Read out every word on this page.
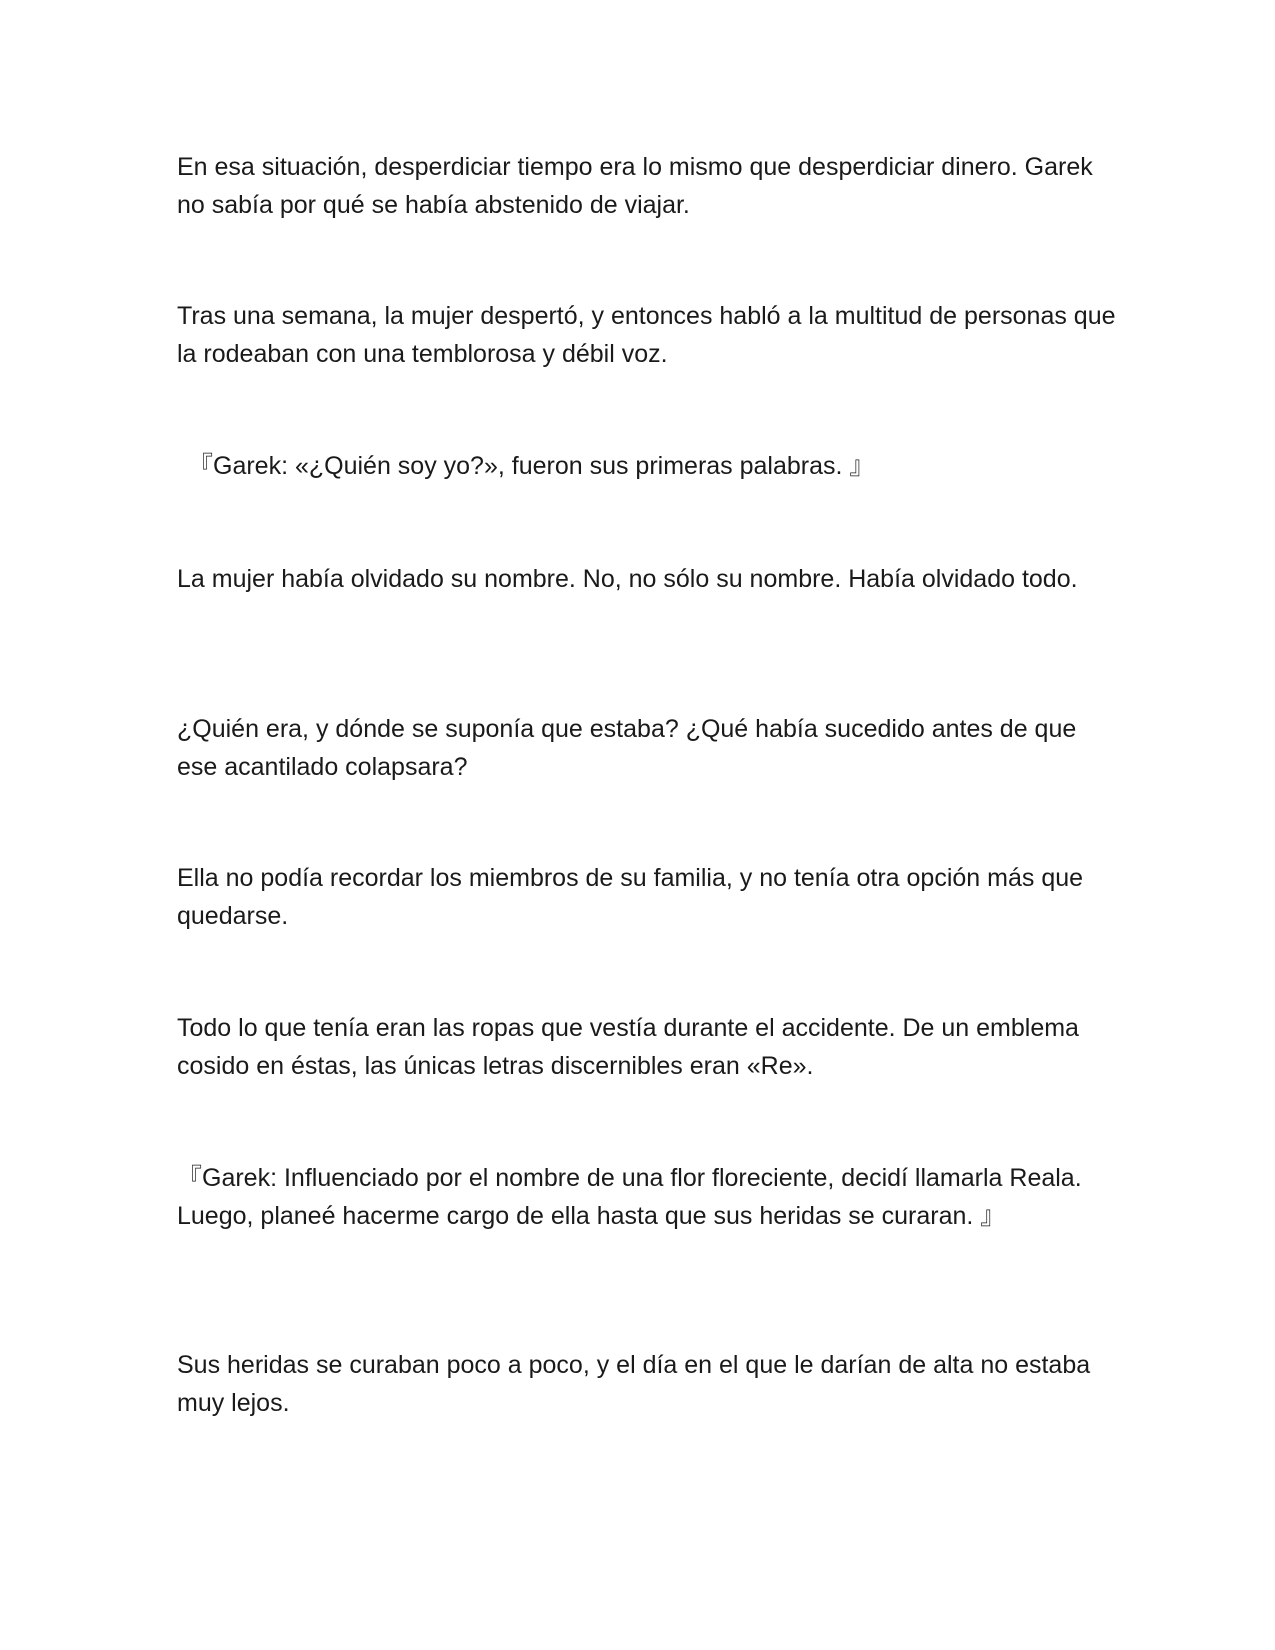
En esa situación, desperdiciar tiempo era lo mismo que desperdiciar dinero. Garek no sabía por qué se había abstenido de viajar.

Tras una semana, la mujer despertó, y entonces habló a la multitud de personas que la rodeaban con una temblorosa y débil voz.

『Garek: «¿Quién soy yo?», fueron sus primeras palabras. 』

La mujer había olvidado su nombre. No, no sólo su nombre. Había olvidado todo.

¿Quién era, y dónde se suponía que estaba? ¿Qué había sucedido antes de que ese acantilado colapsara?

Ella no podía recordar los miembros de su familia, y no tenía otra opción más que quedarse.

Todo lo que tenía eran las ropas que vestía durante el accidente. De un emblema cosido en éstas, las únicas letras discernibles eran «Re».

『Garek: Influenciado por el nombre de una flor floreciente, decidí llamarla Reala. Luego, planeé hacerme cargo de ella hasta que sus heridas se curaran. 』

Sus heridas se curaban poco a poco, y el día en el que le darían de alta no estaba muy lejos.
